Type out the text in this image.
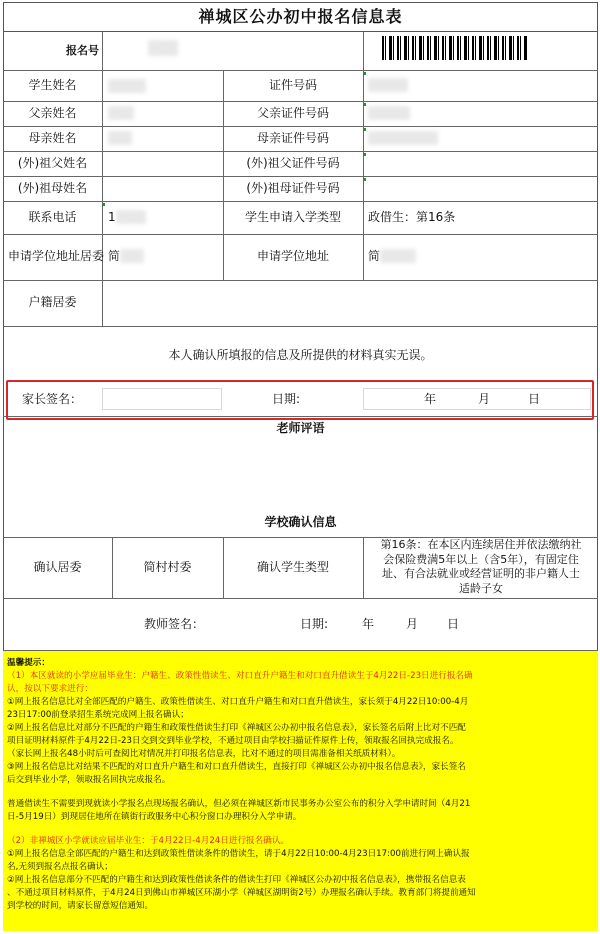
禅城区公办初中报名信息表
报名号
学生姓名	证件号码
父亲姓名	父亲证件号码
母亲姓名	母亲证件号码
(外)祖父姓名	(外)祖父证件号码
(外)祖母姓名	(外)祖母证件号码
联系电话	1	学生申请入学类型	政借生：第16条
申请学位地址居委 简	申请学位地址	简
户籍居委
本人确认所填报的信息及所提供的材料真实无误。
家长签名：	日期:	年	月	日
老师评语
学校确认信息
确认居委	简村村委	确认学生类型
第16条：在本区内连续居住并依法缴纳社
会保险费满5年以上（含5年），有固定住
址、有合法就业或经营证明的非户籍人士
适龄子女
教师签名：	日期:	年	月 日
温馨提示：
（1）本区就读的小学应届毕业生：户籍生、政策性借读生、对口直升户籍生和对口直升借读生于4月22日-23日进行报名确
认，按以下要求进行：
①网上报名信息比对全部匹配的户籍生、政策性借读生、对口直升户籍生和对口直升借读生，家长须于4月22日10:00-4月
23日17:00前登录招生系统完成网上报名确认；
②网上报名信息比对部分不匹配的户籍生和政策性借读生打印《禅城区公办初中报名信息表》，家长签名后附上比对不匹配
项目证明材料原件于4月22日-23日交到交到毕业学校，不通过项目由学校扫描证件原件上传，领取报名回执完成报名。
（家长网上报名48小时后可查阅比对情况并打印报名信息表，比对不通过的项目需准备相关纸质材料）。
③网上报名信息比对结果不匹配的对口直升户籍生和对口直升借读生，直接打印《禅城区公办初中报名信息表》，家长签名
后交到毕业小学，领取报名回执完成报名。
普通借读生不需要到现就读小学报名点现场报名确认，但必须在禅城区新市民事务办公室公布的积分入学申请时间（4月21
日-5月19日）到现居住地所在镇街行政服务中心积分窗口办理积分入学申请。
（2）非禅城区小学就读应届毕业生：于4月22日-4月24日进行报名确认。
①网上报名信息全部匹配的户籍生和达到政策性借读条件的借读生，请于4月22日10:00-4月23日17:00前进行网上确认报
名,无须到报名点报名确认；
②网上报名信息部分不匹配的户籍生和达到政策性借读条件的借读生打印《禅城区公办初中报名信息表》，携带报名信息表
、不通过项目材料原件，于4月24日到佛山市禅城区环湖小学（禅城区湖明街2号）办理报名确认手续。教育部门将提前通知
到学校的时间，请家长留意短信通知。
